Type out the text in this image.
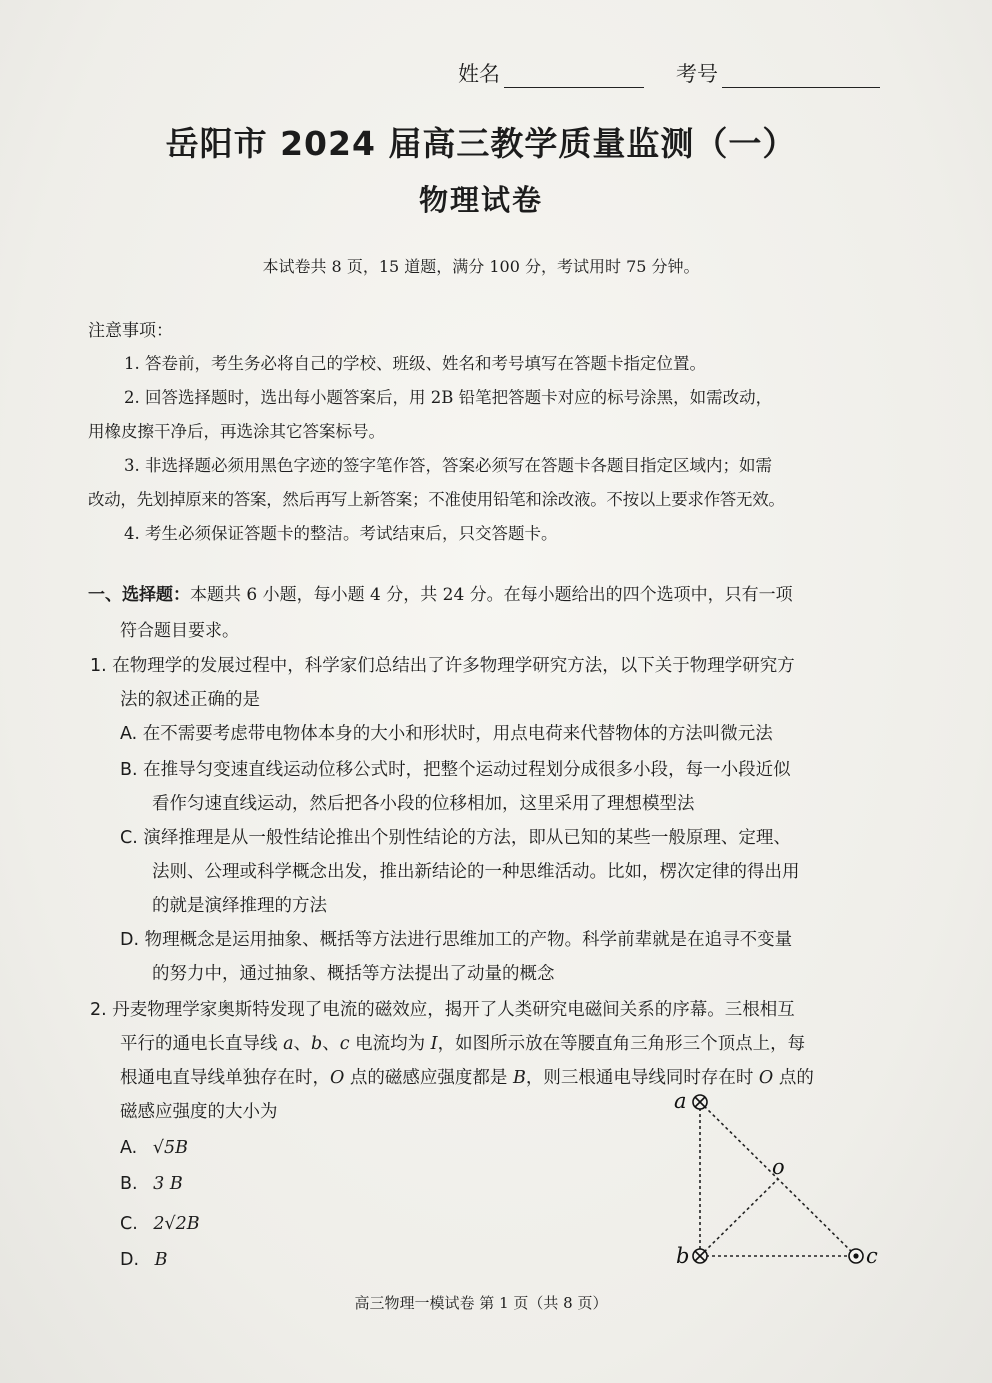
姓名	考号
岳阳市 2024 届高三教学质量监测（一）
物理试卷
本试卷共 8 页，15 道题，满分 100 分，考试用时 75 分钟。
注意事项：
1. 答卷前，考生务必将自己的学校、班级、姓名和考号填写在答题卡指定位置。
2. 回答选择题时，选出每小题答案后，用 2B 铅笔把答题卡对应的标号涂黑，如需改动，
用橡皮擦干净后，再选涂其它答案标号。
3. 非选择题必须用黑色字迹的签字笔作答，答案必须写在答题卡各题目指定区域内；如需
改动，先划掉原来的答案，然后再写上新答案；不准使用铅笔和涂改液。不按以上要求作答无效。
4. 考生必须保证答题卡的整洁。考试结束后，只交答题卡。
一、选择题：本题共 6 小题，每小题 4 分，共 24 分。在每小题给出的四个选项中，只有一项
符合题目要求。
1. 在物理学的发展过程中，科学家们总结出了许多物理学研究方法，以下关于物理学研究方
法的叙述正确的是
A. 在不需要考虑带电物体本身的大小和形状时，用点电荷来代替物体的方法叫微元法
B. 在推导匀变速直线运动位移公式时，把整个运动过程划分成很多小段，每一小段近似
看作匀速直线运动，然后把各小段的位移相加，这里采用了理想模型法
C. 演绎推理是从一般性结论推出个别性结论的方法，即从已知的某些一般原理、定理、
法则、公理或科学概念出发，推出新结论的一种思维活动。比如，楞次定律的得出用
的就是演绎推理的方法
D. 物理概念是运用抽象、概括等方法进行思维加工的产物。科学前辈就是在追寻不变量
的努力中，通过抽象、概括等方法提出了动量的概念
2. 丹麦物理学家奥斯特发现了电流的磁效应，揭开了人类研究电磁间关系的序幕。三根相互
平行的通电长直导线 a、b、c 电流均为 I，如图所示放在等腰直角三角形三个顶点上，每
根通电直导线单独存在时，O 点的磁感应强度都是 B，则三根通电导线同时存在时 O 点的
磁感应强度的大小为
A. √5B
B. 3 B
C. 2√2B
D. B
a
o
b	c
高三物理一模试卷 第 1 页（共 8 页）
